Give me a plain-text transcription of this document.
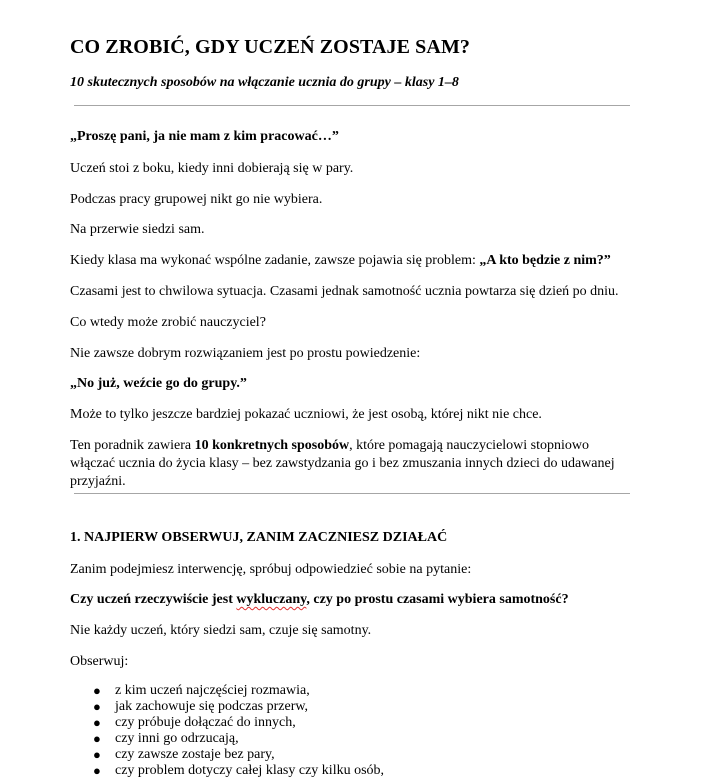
CO ZROBIĆ, GDY UCZEŃ ZOSTAJE SAM?
10 skutecznych sposobów na włączanie ucznia do grupy – klasy 1–8
„Proszę pani, ja nie mam z kim pracować…”
Uczeń stoi z boku, kiedy inni dobierają się w pary.
Podczas pracy grupowej nikt go nie wybiera.
Na przerwie siedzi sam.
Kiedy klasa ma wykonać wspólne zadanie, zawsze pojawia się problem: „A kto będzie z nim?”
Czasami jest to chwilowa sytuacja. Czasami jednak samotność ucznia powtarza się dzień po dniu.
Co wtedy może zrobić nauczyciel?
Nie zawsze dobrym rozwiązaniem jest po prostu powiedzenie:
„No już, weźcie go do grupy.”
Może to tylko jeszcze bardziej pokazać uczniowi, że jest osobą, której nikt nie chce.
Ten poradnik zawiera 10 konkretnych sposobów, które pomagają nauczycielowi stopniowo włączać ucznia do życia klasy – bez zawstydzania go i bez zmuszania innych dzieci do udawanej przyjaźni.
1. NAJPIERW OBSERWUJ, ZANIM ZACZNIESZ DZIAŁAĆ
Zanim podejmiesz interwencję, spróbuj odpowiedzieć sobie na pytanie:
Czy uczeń rzeczywiście jest wykluczany, czy po prostu czasami wybiera samotność?
Nie każdy uczeń, który siedzi sam, czuje się samotny.
Obserwuj:
● z kim uczeń najczęściej rozmawia,
● jak zachowuje się podczas przerw,
● czy próbuje dołączać do innych,
● czy inni go odrzucają,
● czy zawsze zostaje bez pary,
● czy problem dotyczy całej klasy czy kilku osób,
